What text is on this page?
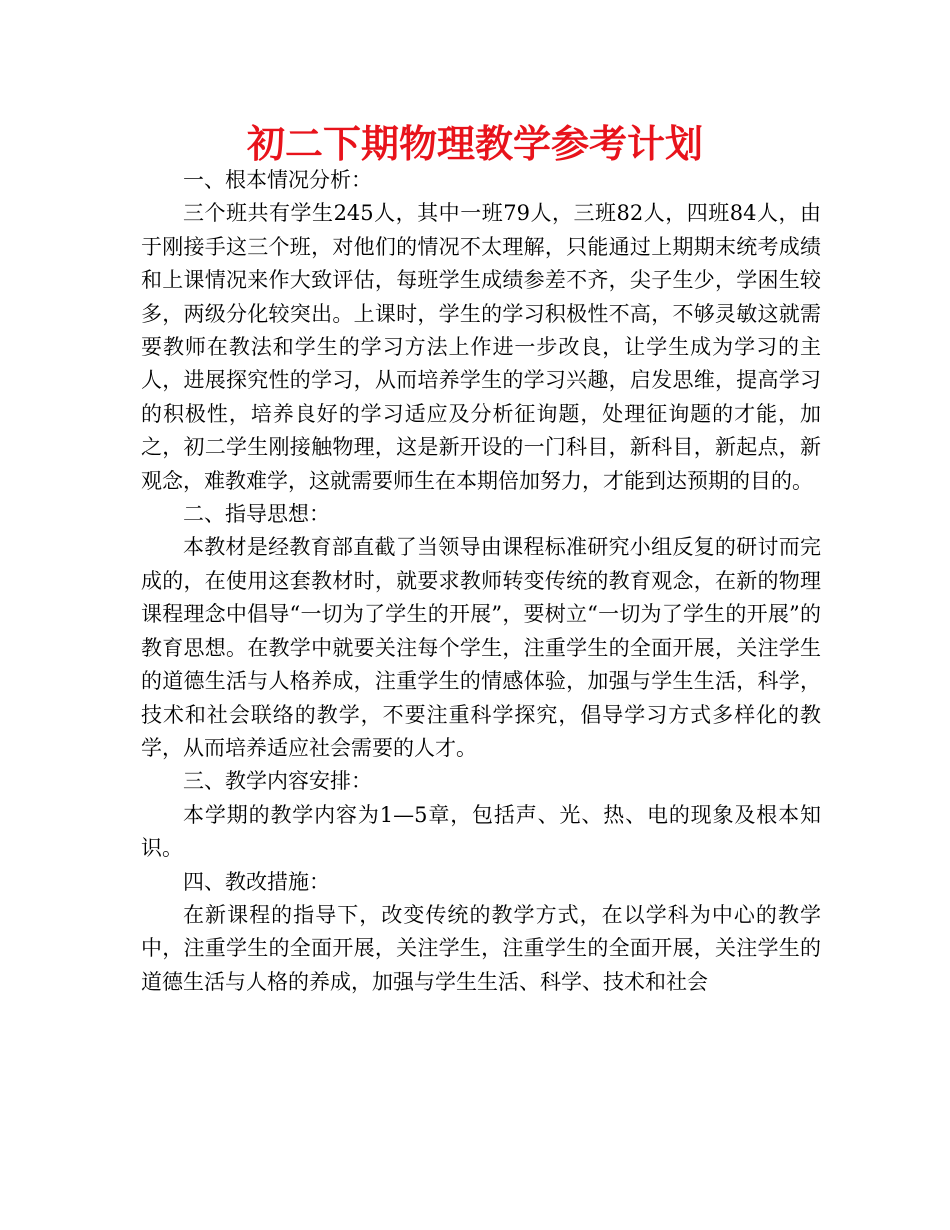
初二下期物理教学参考计划

一、根本情况分析：

三个班共有学生245人，其中一班79人，三班82人，四班84人，由于刚接手这三个班，对他们的情况不太理解，只能通过上期期末统考成绩和上课情况来作大致评估，每班学生成绩参差不齐，尖子生少，学困生较多，两级分化较突出。上课时，学生的学习积极性不高，不够灵敏这就需要教师在教法和学生的学习方法上作进一步改良，让学生成为学习的主人，进展探究性的学习，从而培养学生的学习兴趣，启发思维，提高学习的积极性，培养良好的学习适应及分析征询题，处理征询题的才能，加之，初二学生刚接触物理，这是新开设的一门科目，新科目，新起点，新观念，难教难学，这就需要师生在本期倍加努力，才能到达预期的目的。

二、指导思想：

本教材是经教育部直截了当领导由课程标准研究小组反复的研讨而完成的，在使用这套教材时，就要求教师转变传统的教育观念，在新的物理课程理念中倡导“一切为了学生的开展”，要树立“一切为了学生的开展”的教育思想。在教学中就要关注每个学生，注重学生的全面开展，关注学生的道德生活与人格养成，注重学生的情感体验，加强与学生生活，科学，技术和社会联络的教学，不要注重科学探究，倡导学习方式多样化的教学，从而培养适应社会需要的人才。

三、教学内容安排：

本学期的教学内容为1—5章，包括声、光、热、电的现象及根本知识。

四、教改措施：

在新课程的指导下，改变传统的教学方式，在以学科为中心的教学中，注重学生的全面开展，关注学生，注重学生的全面开展，关注学生的道德生活与人格的养成，加强与学生生活、科学、技术和社会
